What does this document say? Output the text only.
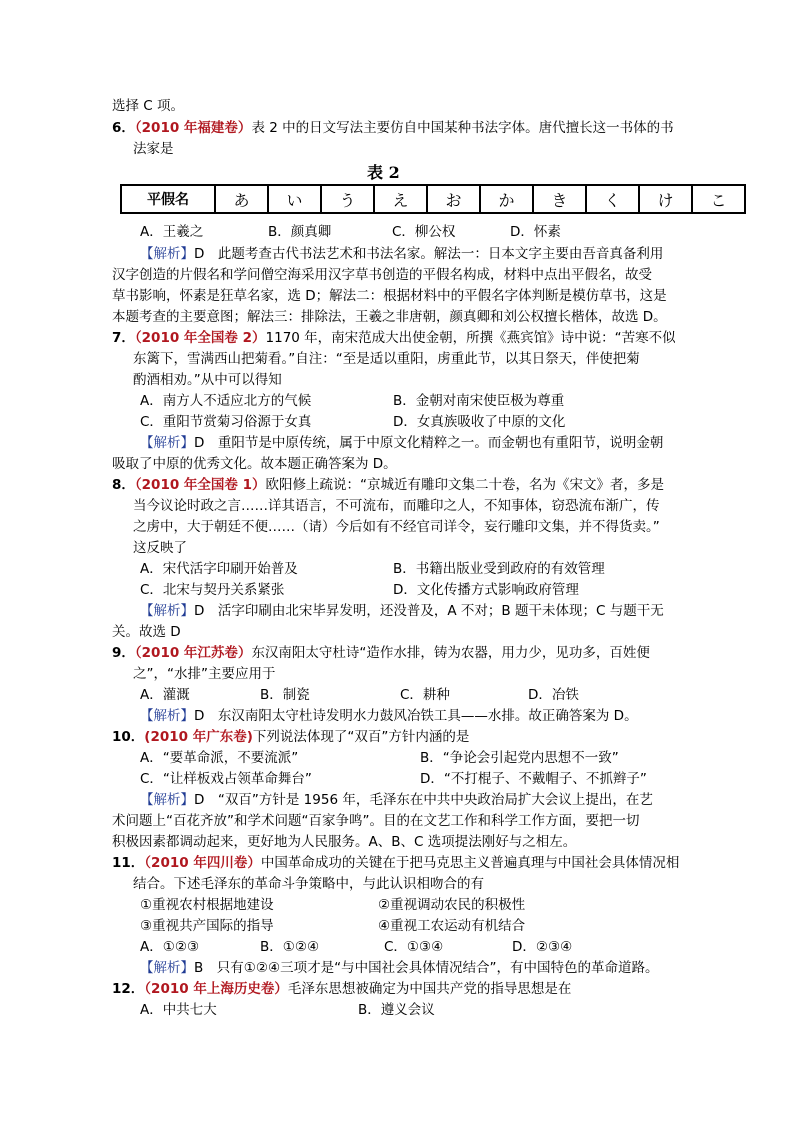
选择 C 项。
6．（2010 年福建卷）表 2 中的日文写法主要仿自中国某种书法字体。唐代擅长这一书体的书
法家是
表 2
平假名	あ	い	う	え	お	か	き	く	け	こ
A．王羲之	B．颜真卿	C．柳公权	D．怀素
【解析】D　此题考查古代书法艺术和书法名家。解法一：日本文字主要由吾音真备利用
汉字创造的片假名和学问僧空海采用汉字草书创造的平假名构成，材料中点出平假名，故受
草书影响，怀素是狂草名家，选 D；解法二：根据材料中的平假名字体判断是模仿草书，这是
本题考查的主要意图；解法三：排除法，王羲之非唐朝，颜真卿和刘公权擅长楷体，故选 D。
7．（2010 年全国卷 2）1170 年，南宋范成大出使金朝，所撰《燕宾馆》诗中说：“苦寒不似
东篱下，雪满西山把菊看。”自注：“至是适以重阳，虏重此节，以其日祭天，伴使把菊
酌酒相劝。”从中可以得知
A．南方人不适应北方的气候	B．金朝对南宋使臣极为尊重
C．重阳节赏菊习俗源于女真	D．女真族吸收了中原的文化
【解析】D　重阳节是中原传统，属于中原文化精粹之一。而金朝也有重阳节，说明金朝
吸取了中原的优秀文化。故本题正确答案为 D。
8．（2010 年全国卷 1）欧阳修上疏说：“京城近有雕印文集二十卷，名为《宋文》者，多是
当今议论时政之言……详其语言，不可流布，而雕印之人，不知事体，窃恐流布渐广，传
之虏中，大于朝廷不便……（请）今后如有不经官司详令，妄行雕印文集，并不得货卖。”
这反映了
A．宋代活字印刷开始普及	B．书籍出版业受到政府的有效管理
C．北宋与契丹关系紧张	D．文化传播方式影响政府管理
【解析】D　活字印刷由北宋毕昇发明，还没普及，A 不对；B 题干未体现；C 与题干无
关。故选 D
9．（2010 年江苏卷）东汉南阳太守杜诗“造作水排，铸为农器，用力少，见功多，百姓便
之”，“水排”主要应用于
A．灌溉	B．制瓷	C．耕种	D．冶铁
【解析】D　东汉南阳太守杜诗发明水力鼓风冶铁工具——水排。故正确答案为 D。
10．(2010 年广东卷)下列说法体现了“双百”方针内涵的是
A．“要革命派，不要流派”	B．“争论会引起党内思想不一致”
C．“让样板戏占领革命舞台”	D．“不打棍子、不戴帽子、不抓辫子”
【解析】D　“双百”方针是 1956 年，毛泽东在中共中央政治局扩大会议上提出，在艺
术问题上“百花齐放”和学术问题“百家争鸣”。目的在文艺工作和科学工作方面，要把一切
积极因素都调动起来，更好地为人民服务。A、B、C 选项提法刚好与之相左。
11．（2010 年四川卷）中国革命成功的关键在于把马克思主义普遍真理与中国社会具体情况相
结合。下述毛泽东的革命斗争策略中，与此认识相吻合的有
①重视农村根据地建设	②重视调动农民的积极性
③重视共产国际的指导	④重视工农运动有机结合
A．①②③	B．①②④	C．①③④	D．②③④
【解析】B　只有①②④三项才是“与中国社会具体情况结合”，有中国特色的革命道路。
12．（2010 年上海历史卷）毛泽东思想被确定为中国共产党的指导思想是在
A．中共七大	B．遵义会议
